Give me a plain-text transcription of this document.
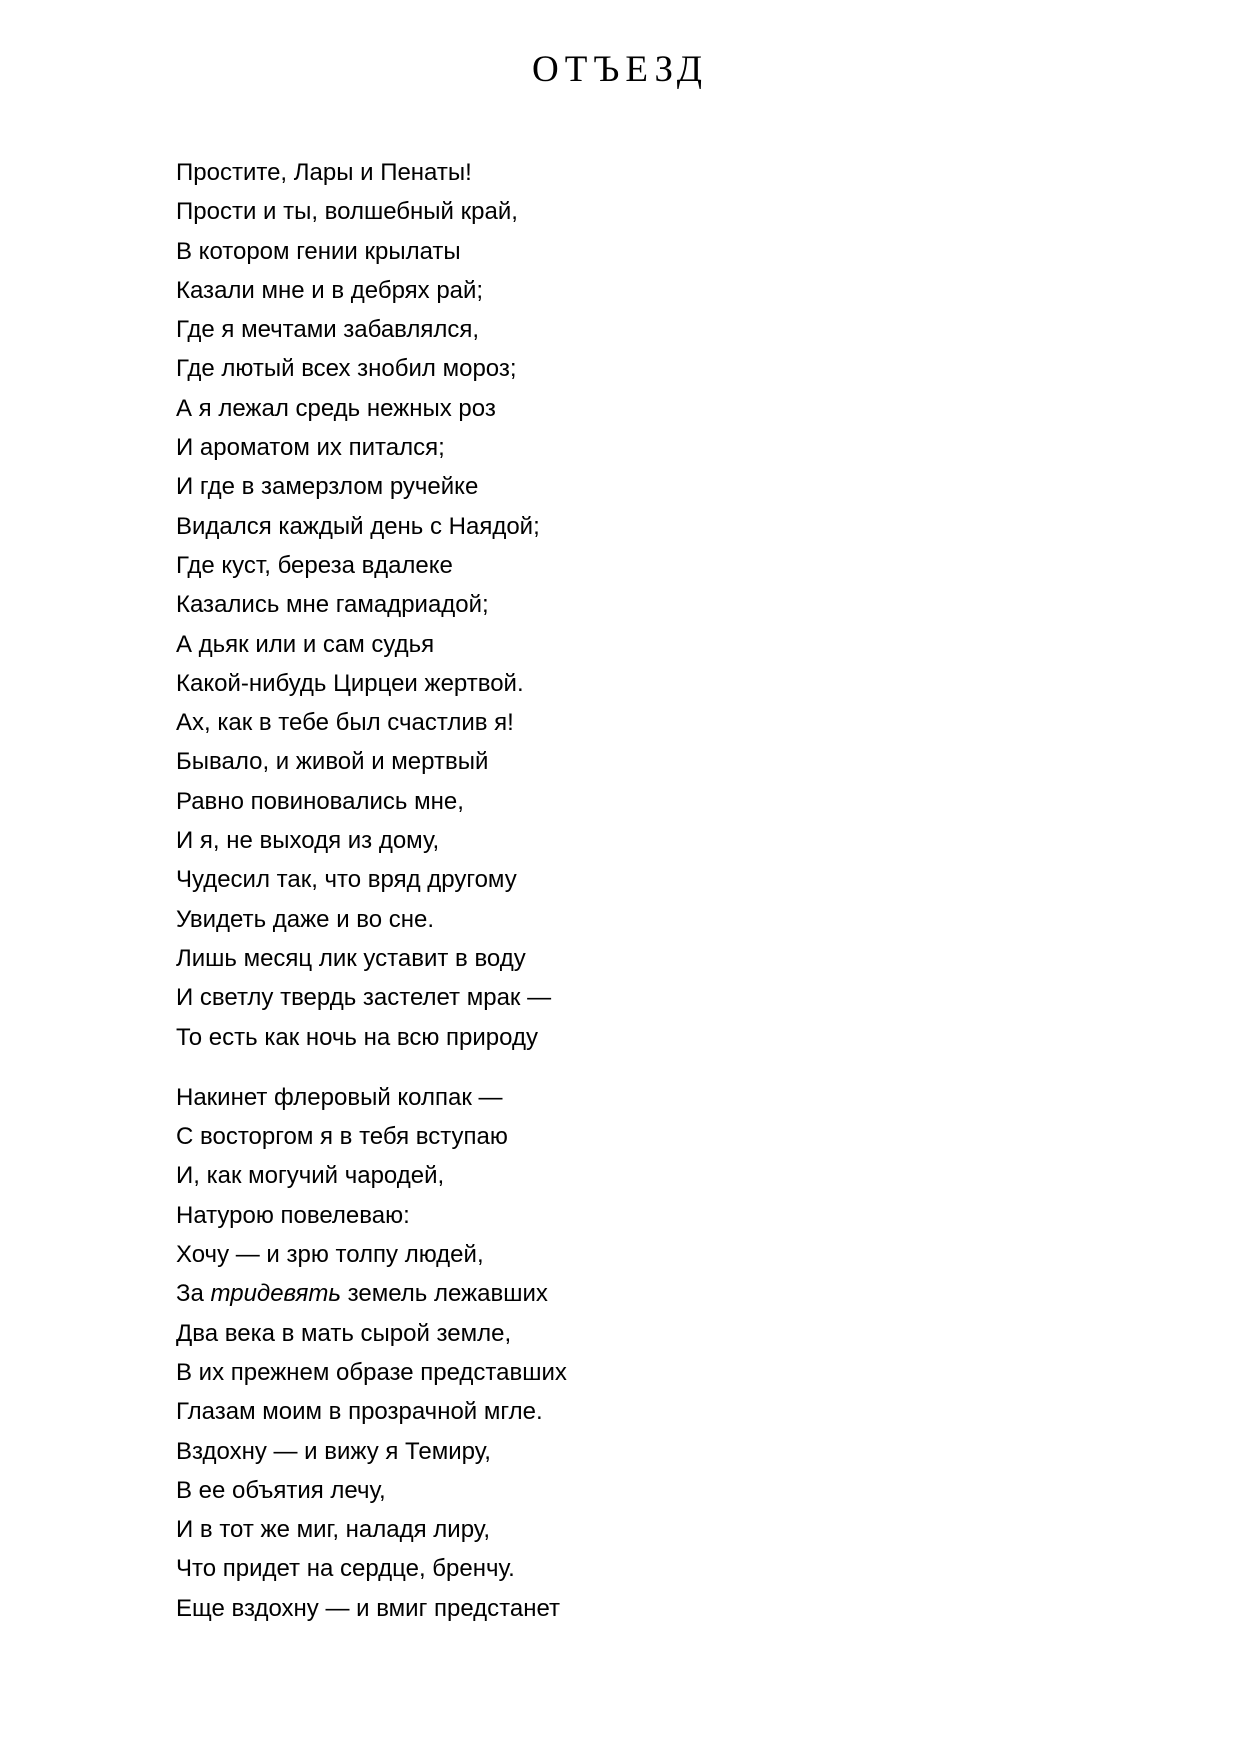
ОТЪЕЗД
Простите, Лары и Пенаты!
Прости и ты, волшебный край,
В котором гении крылаты
Казали мне и в дебрях рай;
Где я мечтами забавлялся,
Где лютый всех знобил мороз;
А я лежал средь нежных роз
И ароматом их питался;
И где в замерзлом ручейке
Видался каждый день с Наядой;
Где куст, береза вдалеке
Казались мне гамадриадой;
А дьяк или и сам судья
Какой-нибудь Цирцеи жертвой.
Ах, как в тебе был счастлив я!
Бывало, и живой и мертвый
Равно повиновались мне,
И я, не выходя из дому,
Чудесил так, что вряд другому
Увидеть даже и во сне.
Лишь месяц лик уставит в воду
И светлу твердь застелет мрак —
То есть как ночь на всю природу
Накинет флеровый колпак —
С восторгом я в тебя вступаю
И, как могучий чародей,
Натурою повелеваю:
Хочу — и зрю толпу людей,
За тридевять земель лежавших
Два века в мать сырой земле,
В их прежнем образе представших
Глазам моим в прозрачной мгле.
Вздохну — и вижу я Темиру,
В ее объятия лечу,
И в тот же миг, наладя лиру,
Что придет на сердце, бренчу.
Еще вздохну — и вмиг предстанет
